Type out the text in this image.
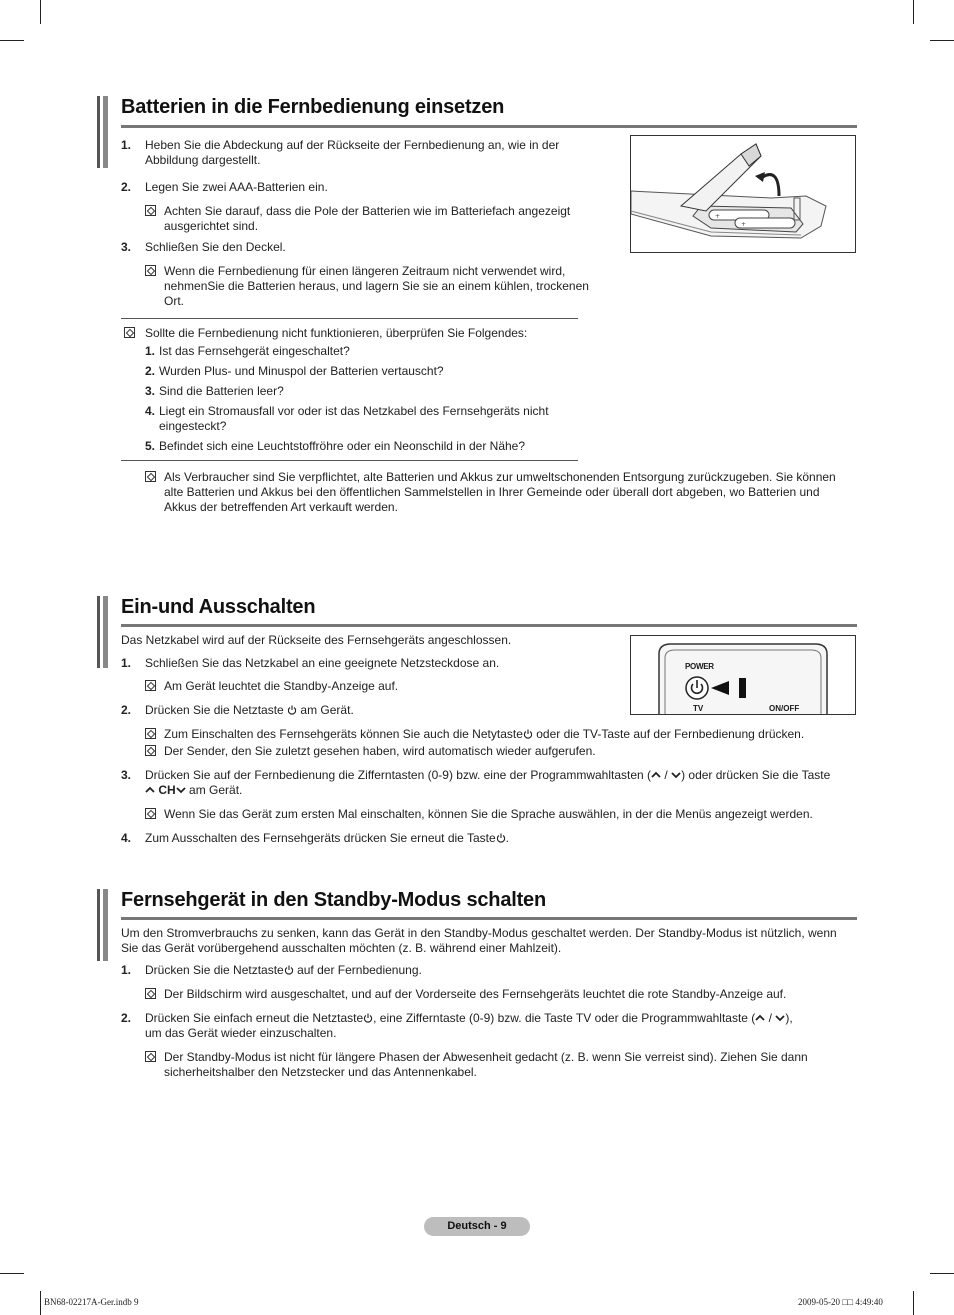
Batterien in die Fernbedienung einsetzen
1. Heben Sie die Abdeckung auf der Rückseite der Fernbedienung an, wie in der Abbildung dargestellt.
2. Legen Sie zwei AAA-Batterien ein.
Achten Sie darauf, dass die Pole der Batterien wie im Batteriefach angezeigt ausgerichtet sind.
3. Schließen Sie den Deckel.
Wenn die Fernbedienung für einen längeren Zeitraum nicht verwendet wird, nehmenSie die Batterien heraus, und lagern Sie sie an einem kühlen, trockenen Ort.
+
+
Sollte die Fernbedienung nicht funktionieren, überprüfen Sie Folgendes:
1. Ist das Fernsehgerät eingeschaltet?
2. Wurden Plus- und Minuspol der Batterien vertauscht?
3. Sind die Batterien leer?
4. Liegt ein Stromausfall vor oder ist das Netzkabel des Fernsehgeräts nicht eingesteckt?
5. Befindet sich eine Leuchtstoffröhre oder ein Neonschild in der Nähe?
Als Verbraucher sind Sie verpflichtet, alte Batterien und Akkus zur umweltschonenden Entsorgung zurückzugeben. Sie können alte Batterien und Akkus bei den öffentlichen Sammelstellen in Ihrer Gemeinde oder überall dort abgeben, wo Batterien und Akkus der betreffenden Art verkauft werden.
Ein-und Ausschalten
Das Netzkabel wird auf der Rückseite des Fernsehgeräts angeschlossen.
1. Schließen Sie das Netzkabel an eine geeignete Netzsteckdose an.
Am Gerät leuchtet die Standby-Anzeige auf.
2. Drücken Sie die Netztaste am Gerät.
POWER
TV	ON/OFF
Zum Einschalten des Fernsehgeräts können Sie auch die Netytaste oder die TV-Taste auf der Fernbedienung drücken.
Der Sender, den Sie zuletzt gesehen haben, wird automatisch wieder aufgerufen.
3. Drücken Sie auf der Fernbedienung die Zifferntasten (0-9) bzw. eine der Programmwahltasten ( / ) oder drücken Sie die Taste
CH am Gerät.
Wenn Sie das Gerät zum ersten Mal einschalten, können Sie die Sprache auswählen, in der die Menüs angezeigt werden.
4. Zum Ausschalten des Fernsehgeräts drücken Sie erneut die Taste .
Fernsehgerät in den Standby-Modus schalten
Um den Stromverbrauchs zu senken, kann das Gerät in den Standby-Modus geschaltet werden. Der Standby-Modus ist nützlich, wenn Sie das Gerät vorübergehend ausschalten möchten (z. B. während einer Mahlzeit).
1. Drücken Sie die Netztaste auf der Fernbedienung.
Der Bildschirm wird ausgeschaltet, und auf der Vorderseite des Fernsehgeräts leuchtet die rote Standby-Anzeige auf.
2. Drücken Sie einfach erneut die Netztaste , eine Zifferntaste (0-9) bzw. die Taste TV oder die Programmwahltaste ( / ),
um das Gerät wieder einzuschalten.
Der Standby-Modus ist nicht für längere Phasen der Abwesenheit gedacht (z. B. wenn Sie verreist sind). Ziehen Sie dann sicherheitshalber den Netzstecker und das Antennenkabel.
Deutsch - 9
BN68-02217A-Ger.indb 9	2009-05-20 □□ 4:49:40
